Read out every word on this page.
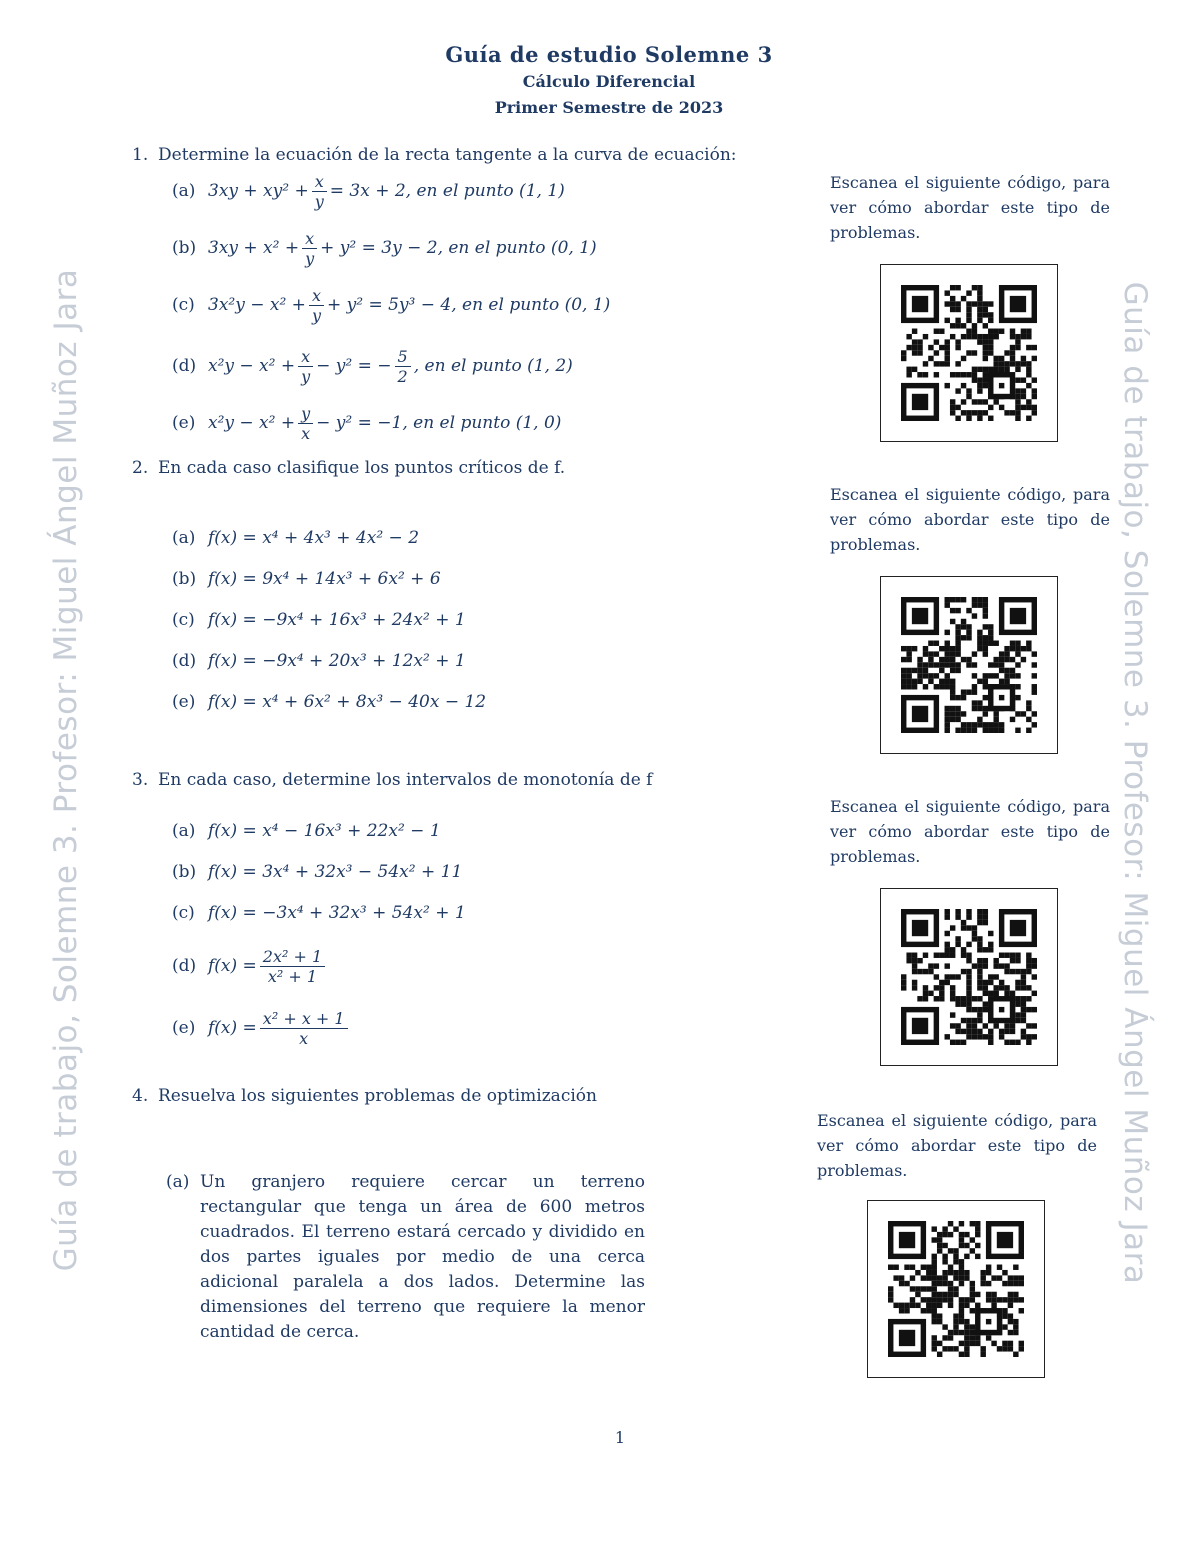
Guía de trabajo, Solemne 3. Profesor: Miguel Ángel Muñoz Jara	Guía de trabajo, Solemne 3. Profesor: Miguel Ángel Muñoz Jara
Guía de estudio Solemne 3
Cálculo Diferencial
Primer Semestre de 2023
1. Determine la ecuación de la recta tangente a la curva de ecuación:
(a) $3xy + xy^2 + \frac{x}{y} = 3x + 2$, en el punto (1, 1)
(b) $3xy + x^2 + \frac{x}{y} + y^2 = 3y - 2$, en el punto (0, 1)
(c) $3x^2y - x^2 + \frac{x}{y} + y^2 = 5y^3 - 4$, en el punto (0, 1)
(d) $x^2y - x^2 + \frac{x}{y} - y^2$ = − $\frac{5}{2}$ , en el punto (1, 2)
(e) $x^2y - x^2 + \frac{y}{x} - y^2 = -1$, en el punto (1, 0)
2. En cada caso clasifique los puntos críticos de f.
(a) f(x) = x⁴ + 4x³ + 4x² − 2
(b) f(x) = 9x⁴ + 14x³ + 6x² + 6
(c) f(x) = −9x⁴ + 16x³ + 24x² + 1
(d) f(x) = −9x⁴ + 20x³ + 12x² + 1
(e) f(x) = x⁴ + 6x² + 8x³ − 40x − 12
3. En cada caso, determine los intervalos de monotonía de f
(a) f(x) = x⁴ − 16x³ + 22x² − 1
(b) f(x) = 3x⁴ + 32x³ − 54x² + 11
(c) f(x) = −3x⁴ + 32x³ + 54x² + 1
(d) $f(x) = \frac{\text{2x² + 1}}{\text{x² + 1}}$
(e) $f(x) = \frac{\text{x² + x + 1}}{x}$
4. Resuelva los siguientes problemas de optimización
(a) Un granjero requiere cercar un terreno rectangular que tenga un área de 600 metros cuadrados. El terreno estará cercado y dividido en dos partes iguales por medio de una cerca adicional paralela a dos lados. Determine las dimensiones del terreno que requiere la menor cantidad de cerca.
Escanea el siguiente código, para ver cómo abordar este tipo de problemas.
Escanea el siguiente código, para ver cómo abordar este tipo de problemas.
Escanea el siguiente código, para ver cómo abordar este tipo de problemas.
Escanea el siguiente código, para ver cómo abordar este tipo de problemas.
1
